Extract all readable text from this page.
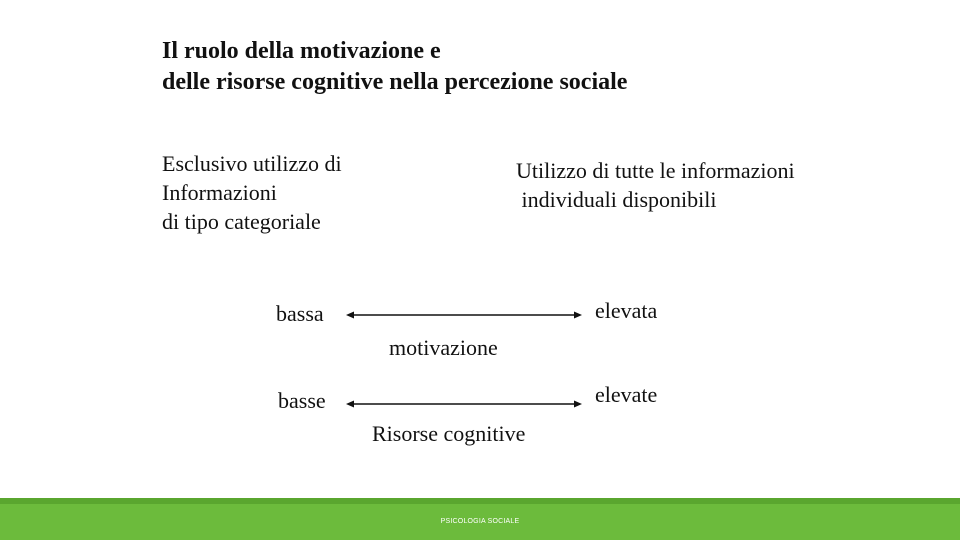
Il ruolo della motivazione e
delle risorse cognitive nella percezione sociale
Esclusivo utilizzo di
Informazioni
di tipo categoriale
Utilizzo di tutte le informazioni
individuali disponibili
bassa	elevata
motivazione
basse	elevate
Risorse cognitive
PSICOLOGIA SOCIALE
